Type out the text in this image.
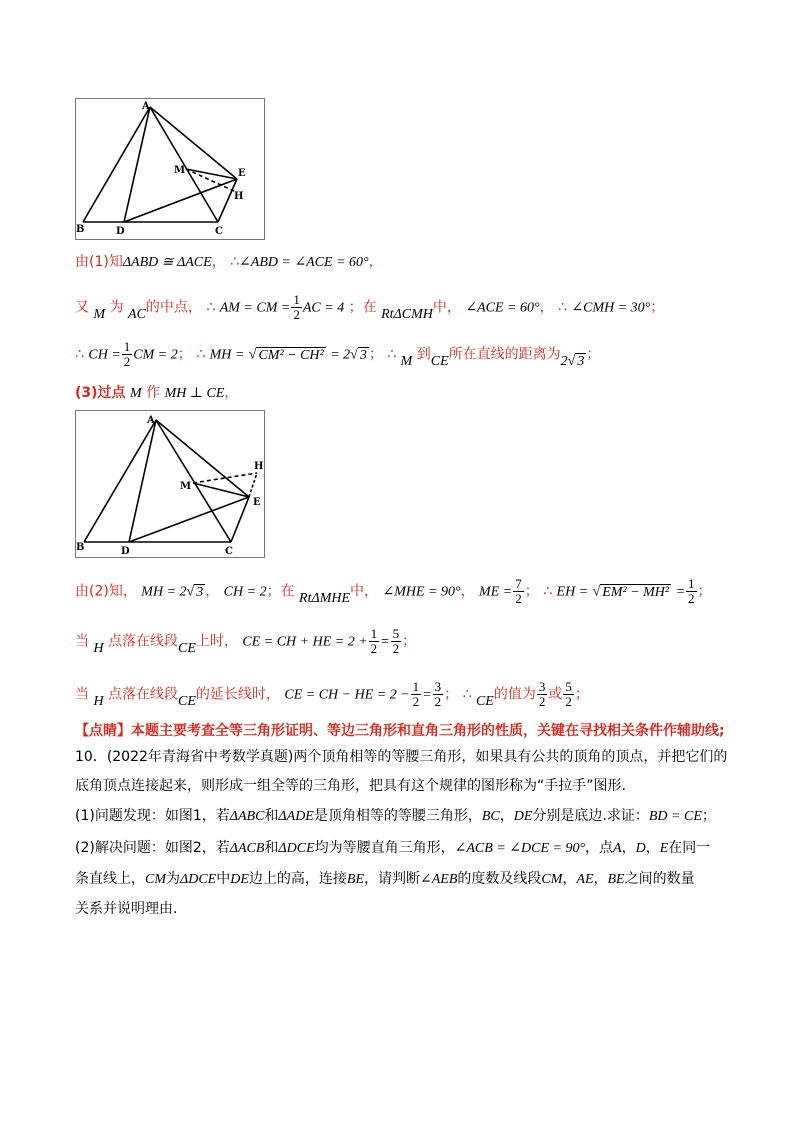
A
B	D	C
E
M
H
由(1)知ΔABD ≅ ΔACE， ∴∠ABD = ∠ACE = 60°，
又 M 为 AC的中点， ∴ AM = CM = $\frac{1}{2}$ AC = 4 ；在 RtΔCMH中， ∠ACE = 60°， ∴ ∠CMH = 30°；
∴ CH = $\frac{1}{2}$ CM = 2； ∴ MH = √ CM² − CH² = 2√ 3 ； ∴ M 到CE所在直线的距离为2√ 3 ；
(3)过点 M 作 MH ⊥ CE，
A
B	D	C
E
M
H
由(2)知， MH = 2√ 3 ， CH = 2；在 RtΔMHE中， ∠MHE = 90°， ME = $\frac{7}{2}$ ； ∴ EH = √ $EM^2 - MH^2 = \frac{1}{2}$ ；
当 H 点落在线段CE上时， CE = CH + HE = $2 + \frac{1}{2} = \frac{5}{2}$ ；
当 H 点落在线段CE的延长线时， CE = CH − HE = $2 - \frac{1}{2} = \frac{3}{2}$ ； ∴ CE的值为 $\frac{3}{2}$ 或 $\frac{5}{2}$ ；
【点睛】本题主要考查全等三角形证明、等边三角形和直角三角形的性质，关键在寻找相关条件作辅助线;
10．(2022年青海省中考数学真题)两个顶角相等的等腰三角形，如果具有公共的顶角的顶点，并把它们的
底角顶点连接起来，则形成一组全等的三角形，把具有这个规律的图形称为“手拉手”图形.
(1)问题发现：如图1，若ΔABC和ΔADE是顶角相等的等腰三角形，BC，DE分别是底边.求证：BD = CE；
(2)解决问题：如图2，若ΔACB和ΔDCE均为等腰直角三角形，∠ACB = ∠DCE = 90°，点A，D，E在同一
条直线上，CM为ΔDCE中DE边上的高，连接BE，请判断∠AEB的度数及线段CM，AE，BE之间的数量
关系并说明理由.
